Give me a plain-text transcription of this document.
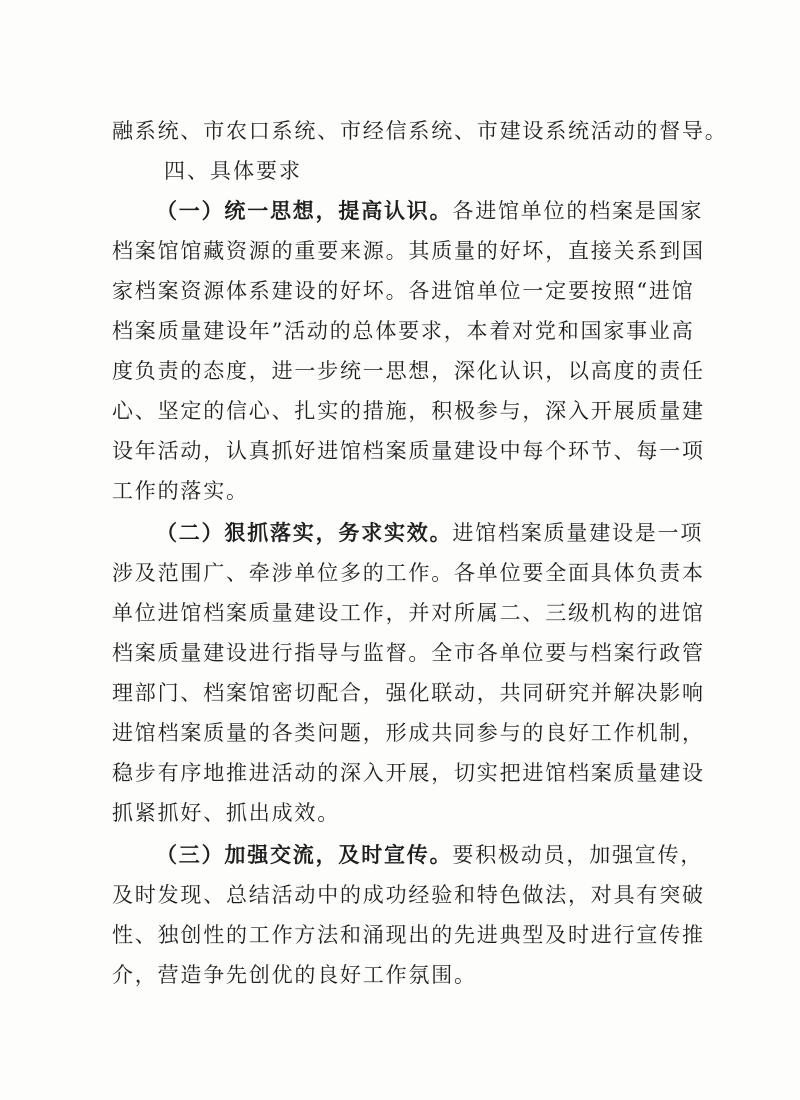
融系统、市农口系统、市经信系统、市建设系统活动的督导。
四、具体要求
（一）统一思想，提高认识。各进馆单位的档案是国家
档案馆馆藏资源的重要来源。其质量的好坏，直接关系到国
家档案资源体系建设的好坏。各进馆单位一定要按照“进馆
档案质量建设年”活动的总体要求，本着对党和国家事业高
度负责的态度，进一步统一思想，深化认识，以高度的责任
心、坚定的信心、扎实的措施，积极参与，深入开展质量建
设年活动，认真抓好进馆档案质量建设中每个环节、每一项
工作的落实。
（二）狠抓落实，务求实效。进馆档案质量建设是一项
涉及范围广、牵涉单位多的工作。各单位要全面具体负责本
单位进馆档案质量建设工作，并对所属二、三级机构的进馆
档案质量建设进行指导与监督。全市各单位要与档案行政管
理部门、档案馆密切配合，强化联动，共同研究并解决影响
进馆档案质量的各类问题，形成共同参与的良好工作机制，
稳步有序地推进活动的深入开展，切实把进馆档案质量建设
抓紧抓好、抓出成效。
（三）加强交流，及时宣传。要积极动员，加强宣传，
及时发现、总结活动中的成功经验和特色做法，对具有突破
性、独创性的工作方法和涌现出的先进典型及时进行宣传推
介，营造争先创优的良好工作氛围。
